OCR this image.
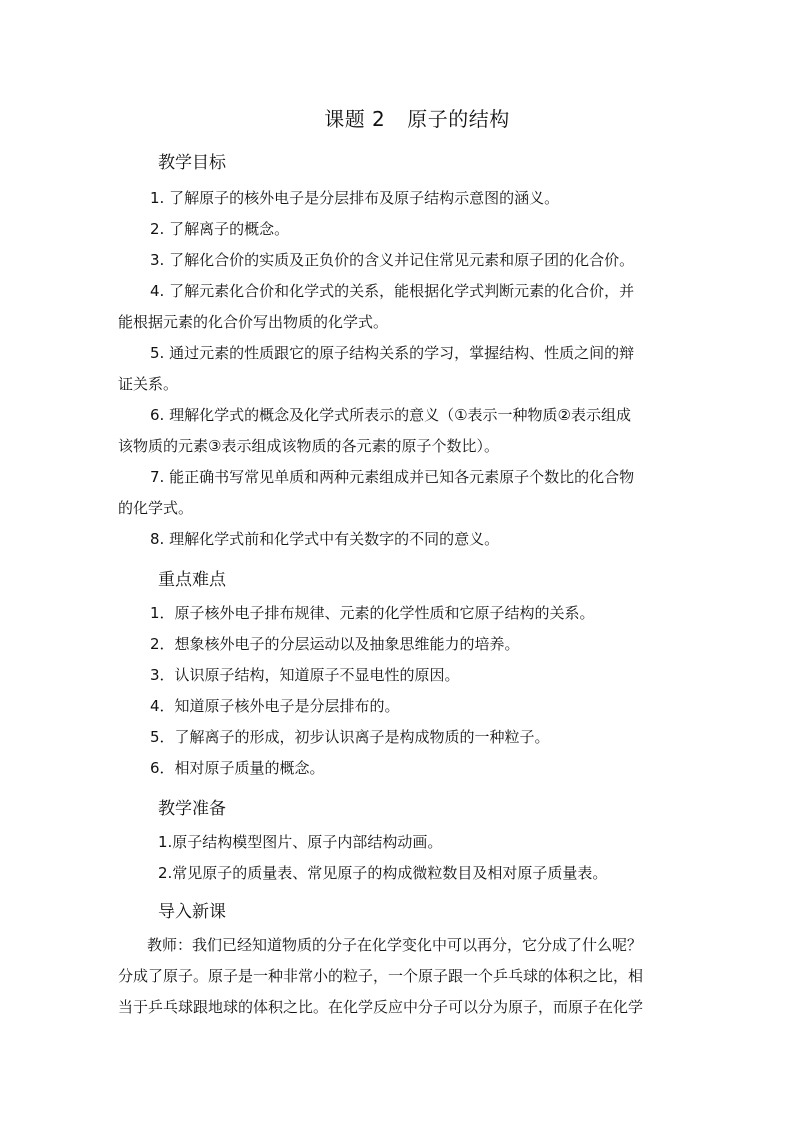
课题 2 原子的结构
教学目标
1. 了解原子的核外电子是分层排布及原子结构示意图的涵义。
2. 了解离子的概念。
3. 了解化合价的实质及正负价的含义并记住常见元素和原子团的化合价。
4. 了解元素化合价和化学式的关系，能根据化学式判断元素的化合价，并
能根据元素的化合价写出物质的化学式。
5. 通过元素的性质跟它的原子结构关系的学习，掌握结构、性质之间的辩
证关系。
6. 理解化学式的概念及化学式所表示的意义（①表示一种物质②表示组成
该物质的元素③表示组成该物质的各元素的原子个数比）。
7. 能正确书写常见单质和两种元素组成并已知各元素原子个数比的化合物
的化学式。
8. 理解化学式前和化学式中有关数字的不同的意义。
重点难点
1．原子核外电子排布规律、元素的化学性质和它原子结构的关系。
2．想象核外电子的分层运动以及抽象思维能力的培养。
3．认识原子结构，知道原子不显电性的原因。
4．知道原子核外电子是分层排布的。
5．了解离子的形成，初步认识离子是构成物质的一种粒子。
6．相对原子质量的概念。
教学准备
1.原子结构模型图片、原子内部结构动画。
2.常见原子的质量表、常见原子的构成微粒数目及相对原子质量表。
导入新课
教师：我们已经知道物质的分子在化学变化中可以再分，它分成了什么呢？
分成了原子。原子是一种非常小的粒子，一个原子跟一个乒乓球的体积之比，相
当于乒乓球跟地球的体积之比。在化学反应中分子可以分为原子，而原子在化学
